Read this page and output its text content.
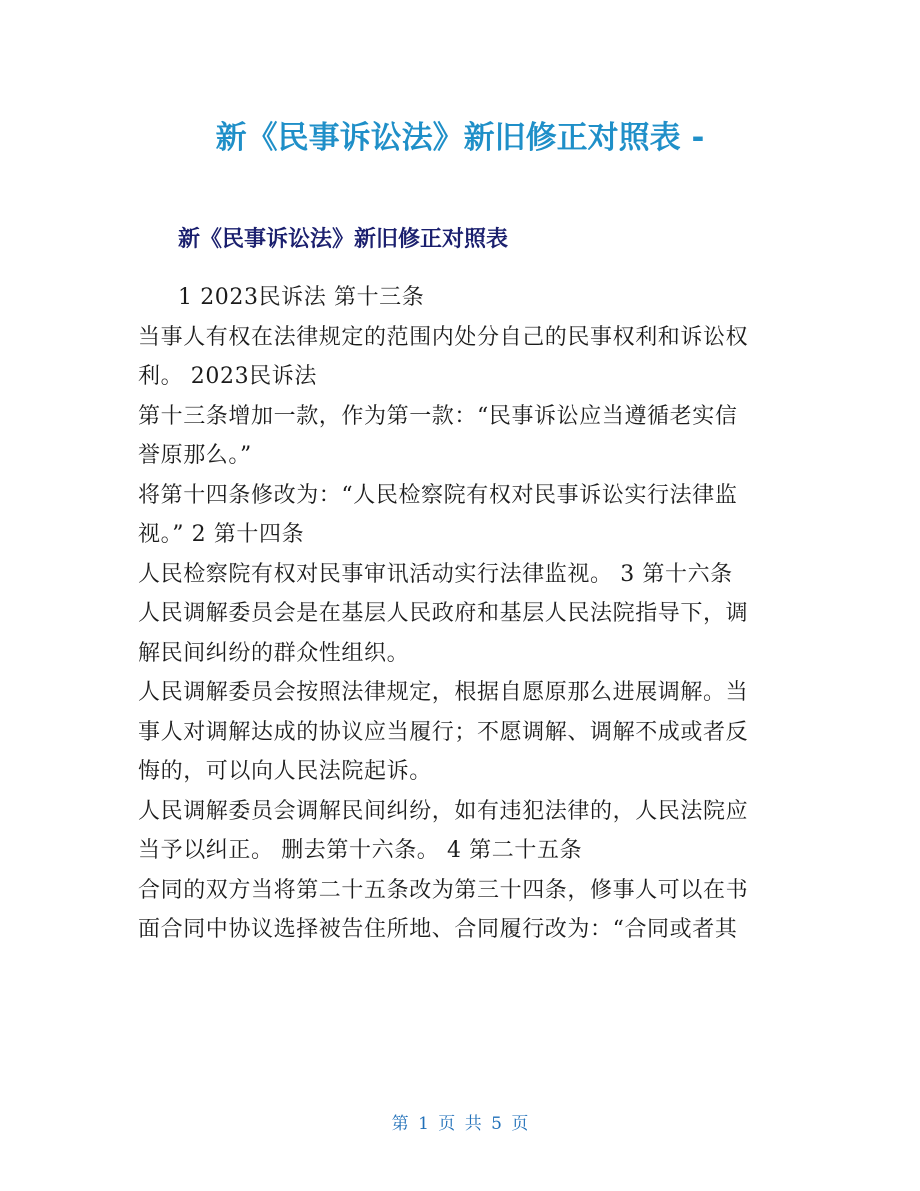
新《民事诉讼法》新旧修正对照表 -
新《民事诉讼法》新旧修正对照表
1 2023民诉法 第十三条
当事人有权在法律规定的范围内处分自己的民事权利和诉讼权
利。 2023民诉法
第十三条增加一款，作为第一款：“民事诉讼应当遵循老实信
誉原那么。”
将第十四条修改为：“人民检察院有权对民事诉讼实行法律监
视。” 2 第十四条
人民检察院有权对民事审讯活动实行法律监视。 3 第十六条
人民调解委员会是在基层人民政府和基层人民法院指导下，调
解民间纠纷的群众性组织。
人民调解委员会按照法律规定，根据自愿原那么进展调解。当
事人对调解达成的协议应当履行；不愿调解、调解不成或者反
悔的，可以向人民法院起诉。
人民调解委员会调解民间纠纷，如有违犯法律的，人民法院应
当予以纠正。 删去第十六条。 4 第二十五条
合同的双方当将第二十五条改为第三十四条，修事人可以在书
面合同中协议选择被告住所地、合同履行改为：“合同或者其
第 1 页 共 5 页
